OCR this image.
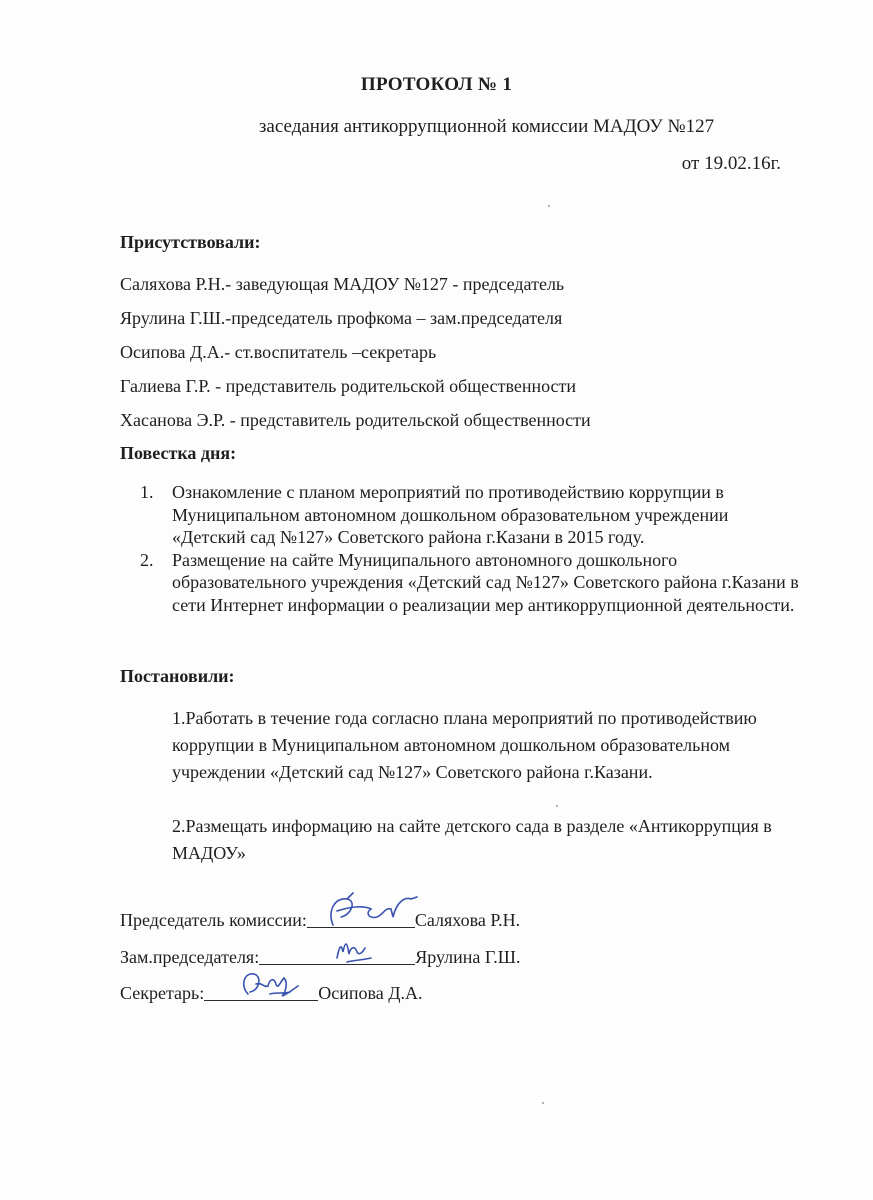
ПРОТОКОЛ № 1
заседания антикоррупционной комиссии МАДОУ №127
от 19.02.16г.
Присутствовали:
Саляхова Р.Н.- заведующая МАДОУ №127 - председатель
Ярулина Г.Ш.-председатель профкома – зам.председателя
Осипова Д.А.- ст.воспитатель –секретарь
Галиева Г.Р. - представитель родительской общественности
Хасанова Э.Р. - представитель родительской общественности
Повестка дня:
1. Ознакомление с планом мероприятий по противодействию коррупции в Муниципальном автономном дошкольном образовательном учреждении «Детский сад №127» Советского района г.Казани в 2015 году.
2. Размещение на сайте Муниципального автономного дошкольного образовательного учреждения «Детский сад №127» Советского района г.Казани в сети Интернет информации о реализации мер антикоррупционной деятельности.
Постановили:

1.Работать в течение года согласно плана мероприятий по противодействию коррупции в Муниципальном автономном дошкольном образовательном учреждении «Детский сад №127» Советского района г.Казани.

2.Размещать информацию на сайте детского сада в разделе «Антикоррупция в МАДОУ»

Председатель комиссии:	Саляхова Р.Н.
Зам.председателя:	Ярулина Г.Ш.
Секретарь:	Осипова Д.А.
